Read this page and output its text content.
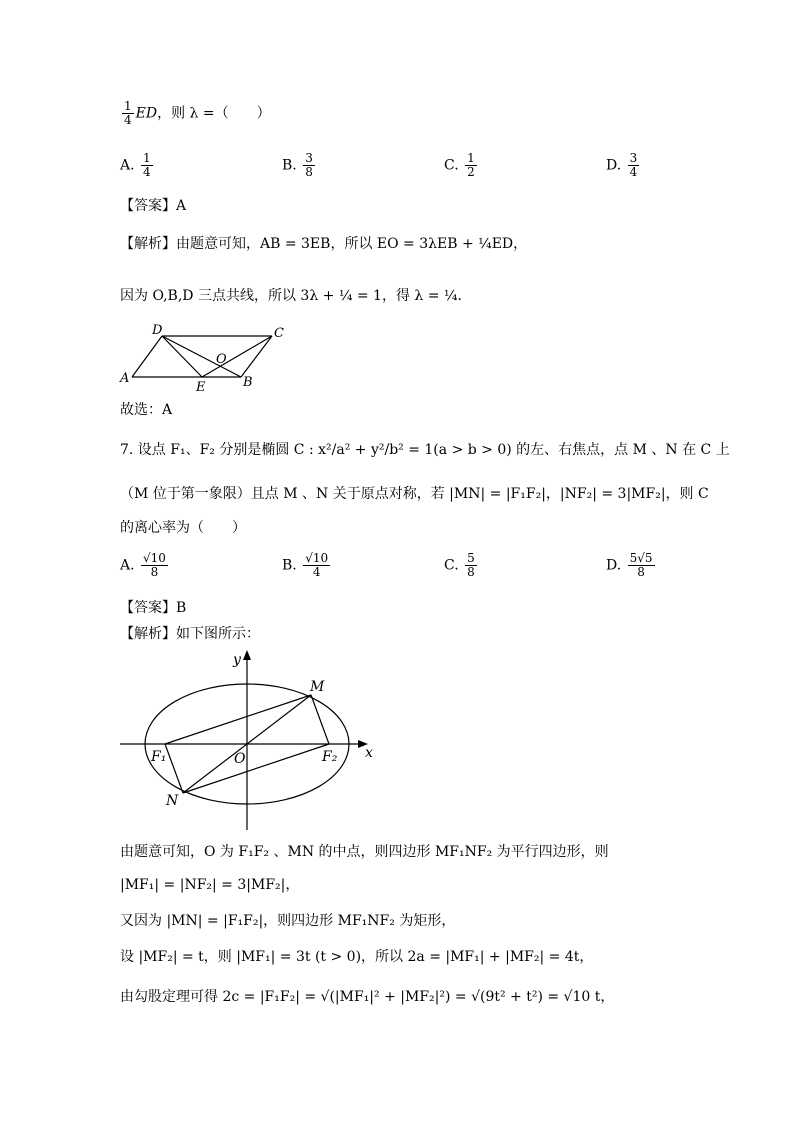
$\frac{1}{4}$ ED，则 λ =（　　）
A. $\frac{1}{4}$	B. $\frac{3}{8}$	C. $\frac{1}{2}$	D. $\frac{3}{4}$
【答案】A
【解析】由题意可知，AB = 3EB，所以 EO = 3λEB + ¼ED，
因为 O,B,D 三点共线，所以 3λ + ¼ = 1，得 λ = ¼.
D	C
O
A
E	B
故选：A
7. 设点 F₁、F₂ 分别是椭圆 C : x²/a² + y²/b² = 1(a > b > 0) 的左、右焦点，点 M 、N 在 C 上
（M 位于第一象限）且点 M 、N 关于原点对称，若 |MN| = |F₁F₂|，|NF₂| = 3|MF₂|，则 C
的离心率为（　　）
A. $\frac{√10}{8}$	B. $\frac{√10}{4}$	C. $\frac{5}{8}$	D. $\frac{5√5}{8}$
【答案】B
【解析】如下图所示：
y
M
F₁	O	F₂ x
N
由题意可知，O 为 F₁F₂ 、MN 的中点，则四边形 MF₁NF₂ 为平行四边形，则
|MF₁| = |NF₂| = 3|MF₂|，
又因为 |MN| = |F₁F₂|，则四边形 MF₁NF₂ 为矩形，
设 |MF₂| = t，则 |MF₁| = 3t (t > 0)，所以 2a = |MF₁| + |MF₂| = 4t，
由勾股定理可得 2c = |F₁F₂| = √(|MF₁|² + |MF₂|²) = √(9t² + t²) = √10 t，
